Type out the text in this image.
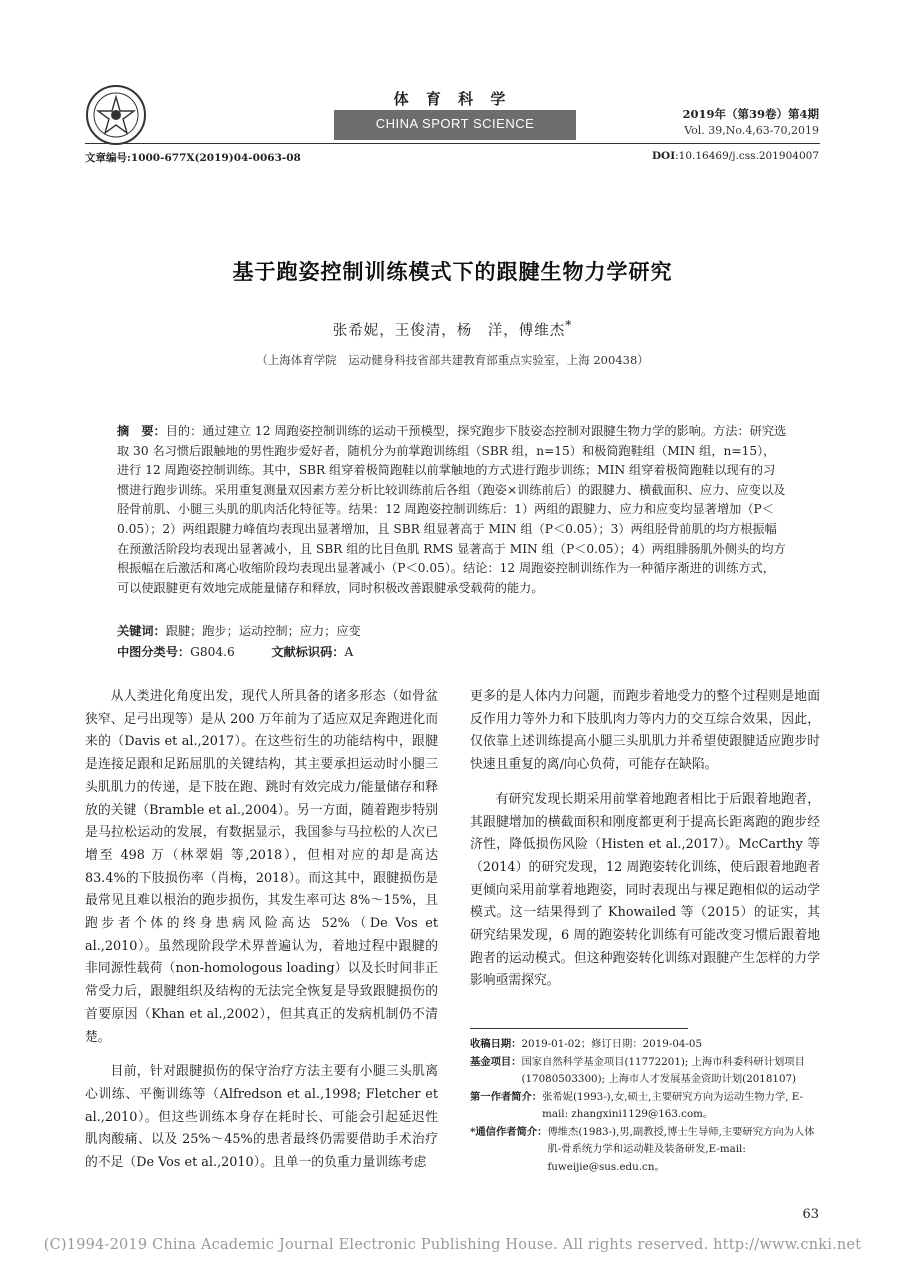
体 育 科 学
CHINA SPORT SCIENCE
2019年（第39卷）第4期
Vol. 39,No.4,63-70,2019
文章编号:1000-677X(2019)04-0063-08	DOI:10.16469/j.css.201904007
基于跑姿控制训练模式下的跟腱生物力学研究
张希妮，王俊清，杨　洋，傅维杰*
（上海体育学院　运动健身科技省部共建教育部重点实验室，上海 200438）
摘　要：目的：通过建立 12 周跑姿控制训练的运动干预模型，探究跑步下肢姿态控制对跟腱生物力学的影响。方法：研究选取 30 名习惯后跟触地的男性跑步爱好者，随机分为前掌跑训练组（SBR 组，n=15）和极简跑鞋组（MIN 组，n=15），进行 12 周跑姿控制训练。其中，SBR 组穿着极简跑鞋以前掌触地的方式进行跑步训练；MIN 组穿着极简跑鞋以现有的习惯进行跑步训练。采用重复测量双因素方差分析比较训练前后各组（跑姿×训练前后）的跟腱力、横截面积、应力、应变以及胫骨前肌、小腿三头肌的肌肉活化特征等。结果：12 周跑姿控制训练后：1）两组的跟腱力、应力和应变均显著增加（P＜0.05）；2）两组跟腱力峰值均表现出显著增加，且 SBR 组显著高于 MIN 组（P＜0.05）；3）两组胫骨前肌的均方根振幅在预激活阶段均表现出显著减小，且 SBR 组的比目鱼肌 RMS 显著高于 MIN 组（P＜0.05）；4）两组腓肠肌外侧头的均方根振幅在后激活和离心收缩阶段均表现出显著减小（P＜0.05）。结论：12 周跑姿控制训练作为一种循序渐进的训练方式，可以使跟腱更有效地完成能量储存和释放，同时积极改善跟腱承受载荷的能力。
关键词：跟腱；跑步；运动控制；应力；应变
中图分类号：G804.6　　　	文献标识码：A

从人类进化角度出发，现代人所具备的诸多形态（如骨盆狭窄、足弓出现等）是从 200 万年前为了适应双足奔跑进化而来的（Davis et al.,2017）。在这些衍生的功能结构中，跟腱是连接足跟和足跖屈肌的关键结构，其主要承担运动时小腿三头肌肌力的传递，是下肢在跑、跳时有效完成力/能量储存和释放的关键（Bramble et al.,2004）。另一方面，随着跑步特别是马拉松运动的发展，有数据显示，我国参与马拉松的人次已增至 498 万（林翠娟 等,2018），但相对应的却是高达 83.4%的下肢损伤率（肖梅，2018）。而这其中，跟腱损伤是最常见且难以根治的跑步损伤，其发生率可达 8%～15%，且跑步者个体的终身患病风险高达 52%（De Vos et al.,2010）。虽然现阶段学术界普遍认为，着地过程中跟腱的非同源性载荷（non-homologous loading）以及长时间非正常受力后，跟腱组织及结构的无法完全恢复是导致跟腱损伤的首要原因（Khan et al.,2002），但其真正的发病机制仍不清楚。

目前，针对跟腱损伤的保守治疗方法主要有小腿三头肌离心训练、平衡训练等（Alfredson et al.,1998; Fletcher et al.,2010）。但这些训练本身存在耗时长、可能会引起延迟性肌肉酸痛、以及 25%～45%的患者最终仍需要借助手术治疗的不足（De Vos et al.,2010）。且单一的负重力量训练考虑

更多的是人体内力问题，而跑步着地受力的整个过程则是地面反作用力等外力和下肢肌肉力等内力的交互综合效果，因此，仅依靠上述训练提高小腿三头肌肌力并希望使跟腱适应跑步时快速且重复的离/向心负荷，可能存在缺陷。

有研究发现长期采用前掌着地跑者相比于后跟着地跑者，其跟腱增加的横截面积和刚度都更利于提高长距离跑的跑步经济性，降低损伤风险（Histen et al.,2017）。McCarthy 等（2014）的研究发现，12 周跑姿转化训练，使后跟着地跑者更倾向采用前掌着地跑姿，同时表现出与裸足跑相似的运动学模式。这一结果得到了 Khowailed 等（2015）的证实，其研究结果发现，6 周的跑姿转化训练有可能改变习惯后跟着地跑者的运动模式。但这种跑姿转化训练对跟腱产生怎样的力学影响亟需探究。

收稿日期： 2019-01-02；修订日期：2019-04-05
基金项目： 国家自然科学基金项目(11772201); 上海市科委科研计划项目(17080503300); 上海市人才发展基金资助计划(2018107)
第一作者简介： 张希妮(1993-),女,硕士,主要研究方向为运动生物力学, E-mail: zhangxini1129@163.com。
*通信作者简介： 傅维杰(1983-),男,副教授,博士生导师,主要研究方向为人体肌-骨系统力学和运动鞋及装备研发,E-mail: fuweijie@sus.edu.cn。
63
(C)1994-2019 China Academic Journal Electronic Publishing House. All rights reserved. http://www.cnki.net
